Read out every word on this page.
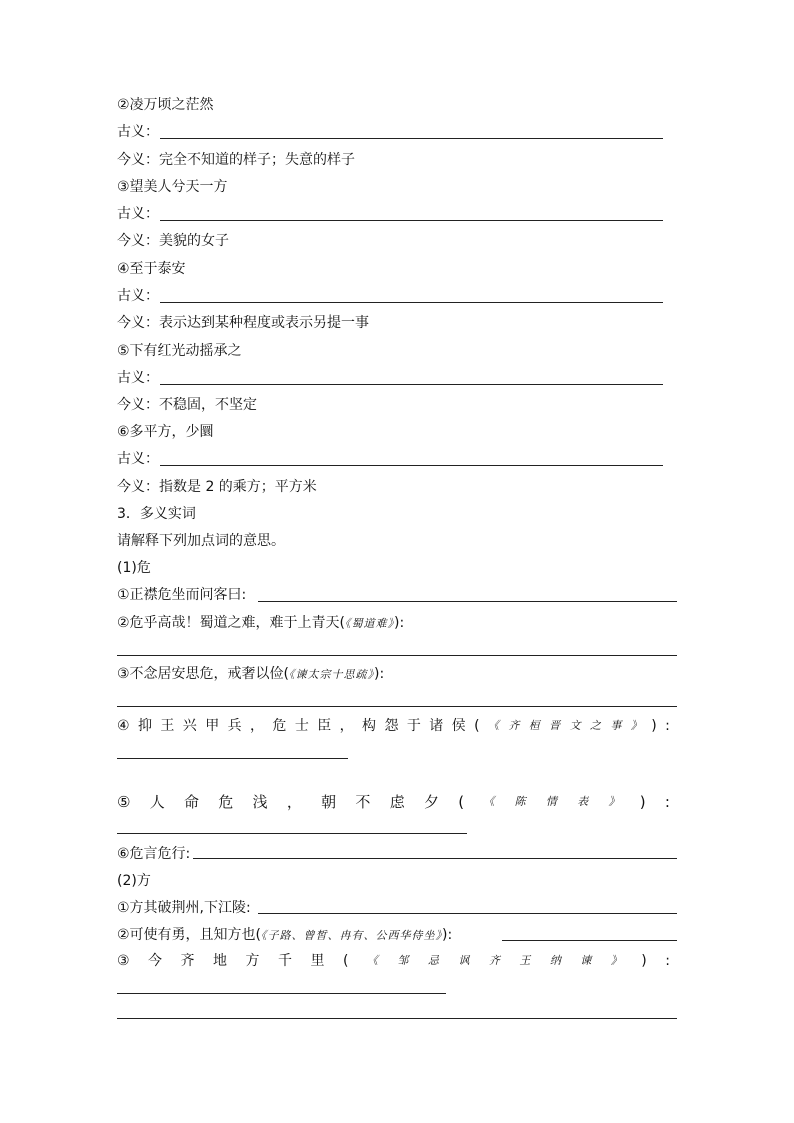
②凌万顷之茫然
古义：
今义：完全不知道的样子；失意的样子
③望美人兮天一方
古义：
今义：美貌的女子
④至于泰安
古义：
今义：表示达到某种程度或表示另提一事
⑤下有红光动摇承之
古义：
今义：不稳固，不坚定
⑥多平方，少圜
古义：
今义：指数是 2 的乘方；平方米
3．多义实词
请解释下列加点词的意思。
(1)危
①正襟危坐而问客曰:
②危乎高哉！蜀道之难，难于上青天(《蜀道难》):
③不念居安思危，戒奢以俭(《谏太宗十思疏》):
④ 抑 王 兴 甲 兵 ， 危 士 臣 ， 构 怨 于 诸 侯 ( 《 齐 桓 晋 文 之 事 》 ) :
⑤ 人 命 危 浅 ， 朝 不 虑 夕 ( 《 陈 情 表 》 ) :
⑥危言危行:
(2)方
①方其破荆州,下江陵:
②可使有勇，且知方也(《子路、曾皙、冉有、公西华侍坐》):
③ 今 齐 地 方 千 里 ( 《 邹 忌 讽 齐 王 纳 谏 》 ) :
